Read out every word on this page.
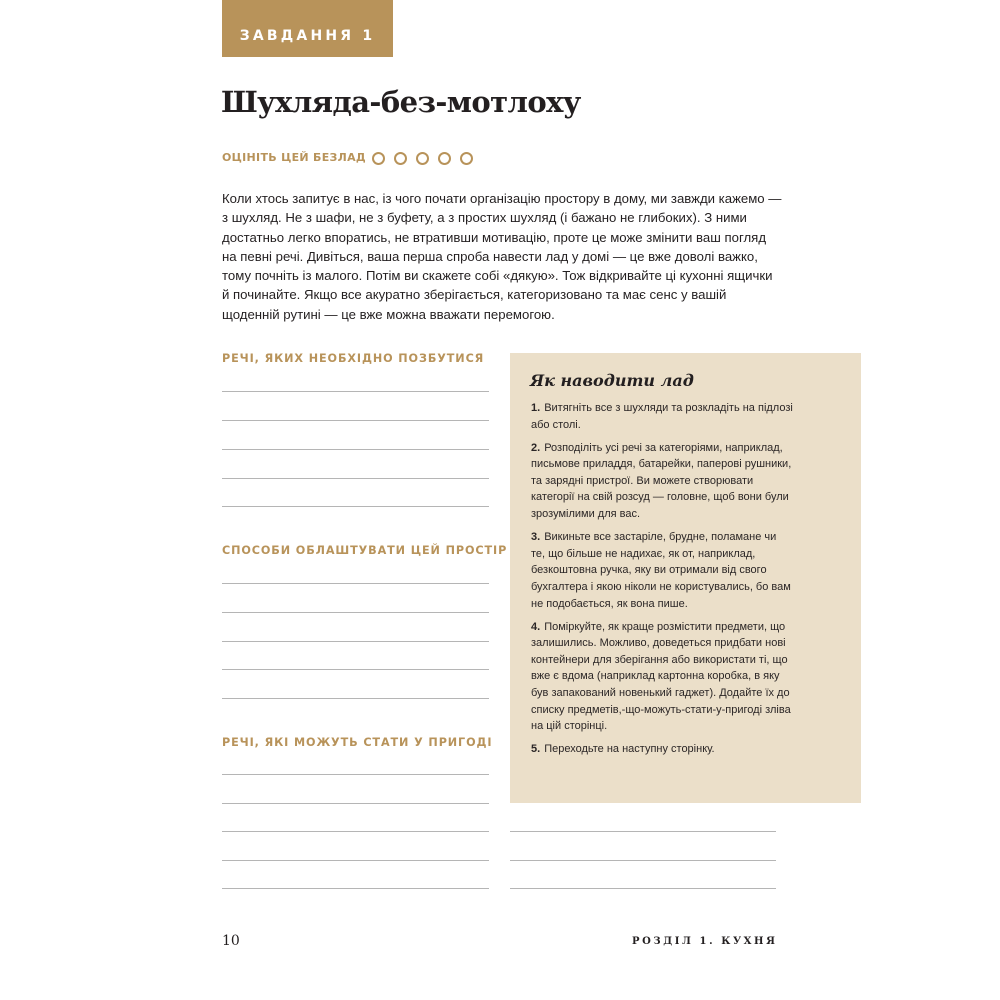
ЗАВДАННЯ 1
Шухляда-без-мотлоху
ОЦІНІТЬ ЦЕЙ БЕЗЛАД

Коли хтось запитує в нас, із чого почати організацію простору в дому, ми завжди кажемо — з шухляд. Не з шафи, не з буфету, а з простих шухляд (і бажано не глибоких). З ними достатньо легко впоратись, не втративши мотивацію, проте це може змінити ваш погляд на певні речі. Дивіться, ваша перша спроба навести лад у домі — це вже доволі важко, тому почніть із малого. Потім ви скажете собі «дякую». Тож відкривайте ці кухонні ящички й починайте. Якщо все акуратно зберігається, категоризовано та має сенс у вашій щоденній рутині — це вже можна вважати перемогою.

РЕЧІ, ЯКИХ НЕОБХІДНО ПОЗБУТИСЯ
СПОСОБИ ОБЛАШТУВАТИ ЦЕЙ ПРОСТІР
РЕЧІ, ЯКІ МОЖУТЬ СТАТИ У ПРИГОДІ
Як наводити лад
1. Витягніть все з шухляди та розкладіть на підлозі або столі.
2. Розподіліть усі речі за категоріями, наприклад, письмове приладдя, батарейки, паперові рушники, та зарядні пристрої. Ви можете створювати категорії на свій розсуд — головне, щоб вони були зрозумілими для вас.
3. Викиньте все застаріле, брудне, поламане чи те, що більше не надихає, як от, наприклад, безкоштовна ручка, яку ви отримали від свого бухгалтера і якою ніколи не користувались, бо вам не подобається, як вона пише.
4. Поміркуйте, як краще розмістити предмети, що залишились. Можливо, доведеться придбати нові контейнери для зберігання або використати ті, що вже є вдома (наприклад картонна коробка, в яку був запакований новенький гаджет). Додайте їх до списку предметів,-що-можуть-стати-у-пригоді зліва на цій сторінці.
5. Переходьте на наступну сторінку.
10	РОЗДІЛ 1. КУХНЯ
